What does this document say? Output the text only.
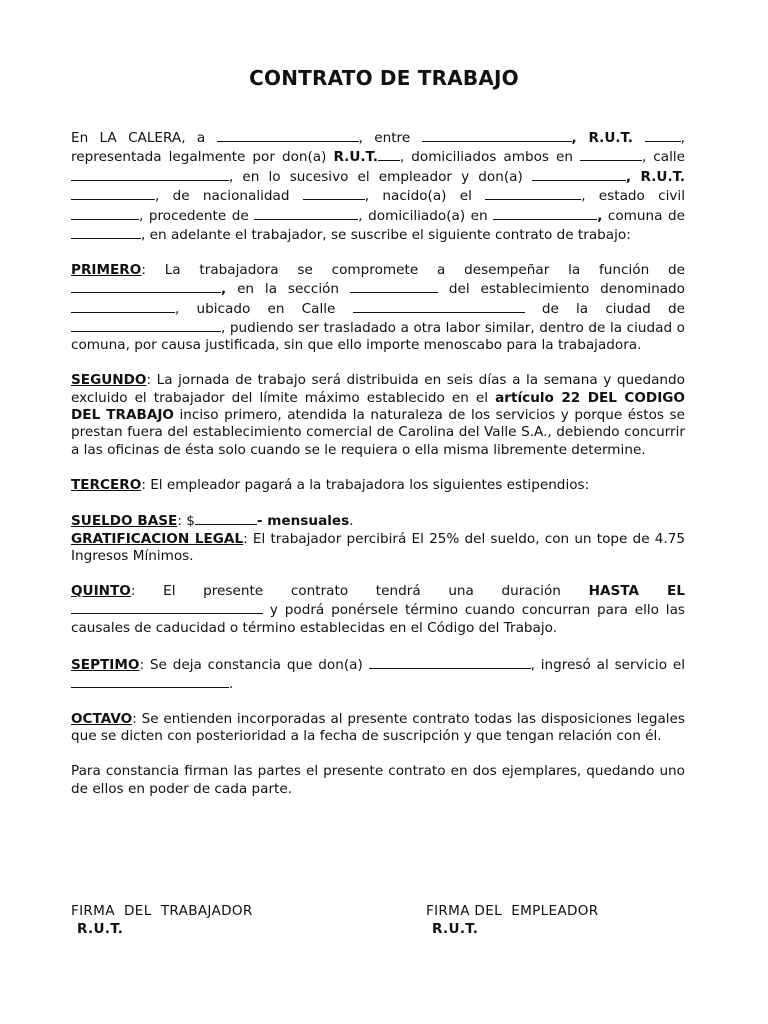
CONTRATO DE TRABAJO

En LA CALERA, a	, entre	, R.U.T.	, representada legalmente por don(a) R.U.T. , domiciliados ambos en	, calle , en lo sucesivo el empleador y don(a)	, R.U.T. , de nacionalidad	, nacido(a) el	, estado civil , procedente de	, domiciliado(a) en	, comuna de , en adelante el trabajador, se suscribe el siguiente contrato de trabajo:

PRIMERO: La trabajadora se compromete a desempeñar la función de , en la sección	del establecimiento denominado , ubicado en Calle	de la ciudad de , pudiendo ser trasladado a otra labor similar, dentro de la ciudad o comuna, por causa justificada, sin que ello importe menoscabo para la trabajadora.

SEGUNDO: La jornada de trabajo será distribuida en seis días a la semana y quedando excluido el trabajador del límite máximo establecido en el artículo 22 DEL CODIGO DEL TRABAJO inciso primero, atendida la naturaleza de los servicios y porque éstos se prestan fuera del establecimiento comercial de Carolina del Valle S.A., debiendo concurrir a las oficinas de ésta solo cuando se le requiera o ella misma libremente determine.

TERCERO: El empleador pagará a la trabajadora los siguientes estipendios:

SUELDO BASE: $	- mensuales.

GRATIFICACION LEGAL: El trabajador percibirá El 25% del sueldo, con un tope de 4.75 Ingresos Mínimos.

QUINTO: El presente contrato tendrá una duración HASTA EL  y podrá ponérsele término cuando concurran para ello las causales de caducidad o término establecidas en el Código del Trabajo.

SEPTIMO: Se deja constancia que don(a)	, ingresó al servicio el .

OCTAVO: Se entienden incorporadas al presente contrato todas las disposiciones legales que se dicten con posterioridad a la fecha de suscripción y que tengan relación con él.

Para constancia firman las partes el presente contrato en dos ejemplares, quedando uno de ellos en poder de cada parte.

FIRMA  DEL  TRABAJADOR
R.U.T.
FIRMA DEL  EMPLEADOR
R.U.T.
